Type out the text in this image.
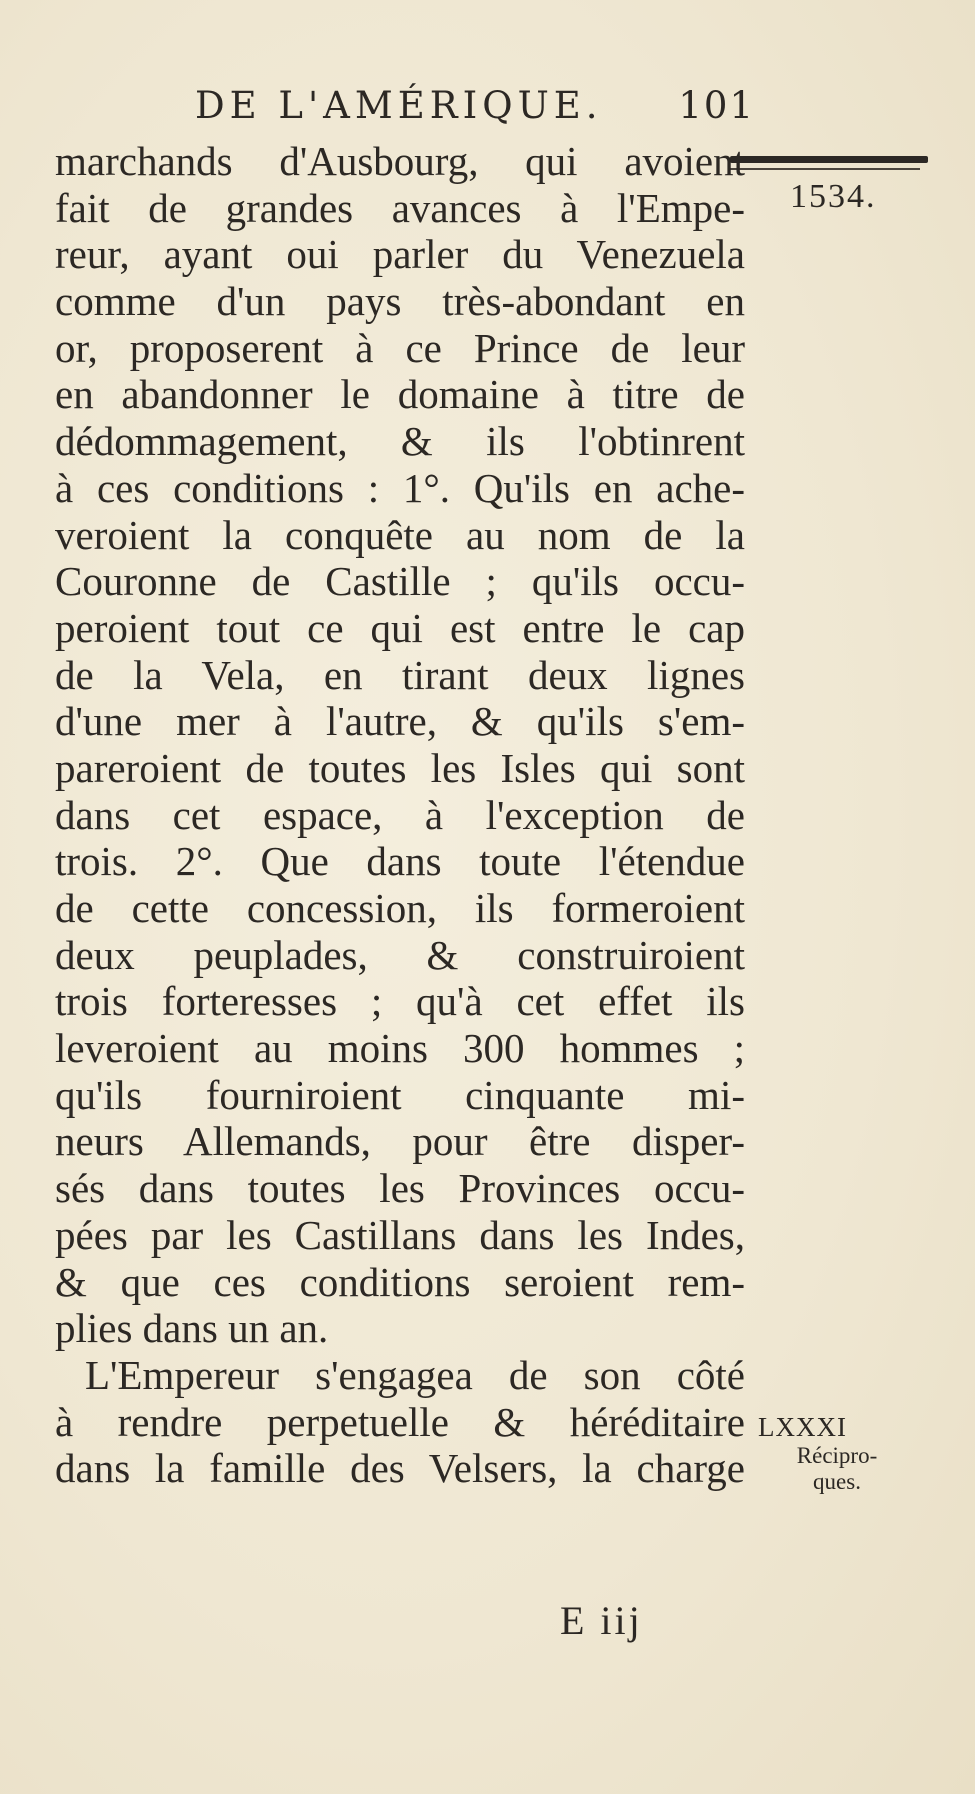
DE L'AMÉRIQUE. 101
marchands d'Ausbourg, qui avoient
fait de grandes avances à l'Empe-
reur, ayant oui parler du Venezuela
comme d'un pays très-abondant en
or, proposerent à ce Prince de leur
en abandonner le domaine à titre de
dédommagement, & ils l'obtinrent
à ces conditions : 1°. Qu'ils en ache-
veroient la conquête au nom de la
Couronne de Castille ; qu'ils occu-
peroient tout ce qui est entre le cap
de la Vela, en tirant deux lignes
d'une mer à l'autre, & qu'ils s'em-
pareroient de toutes les Isles qui sont
dans cet espace, à l'exception de
trois. 2°. Que dans toute l'étendue
de cette concession, ils formeroient
deux peuplades, & construiroient
trois forteresses ; qu'à cet effet ils
leveroient au moins 300 hommes ;
qu'ils fourniroient cinquante mi-
neurs Allemands, pour être disper-
sés dans toutes les Provinces occu-
pées par les Castillans dans les Indes,
& que ces conditions seroient rem-
plies dans un an.
L'Empereur s'engagea de son côté
à rendre perpetuelle & héréditaire
dans la famille des Velsers, la charge
1534.
LXXXI
Récipro-
ques.
E iij
